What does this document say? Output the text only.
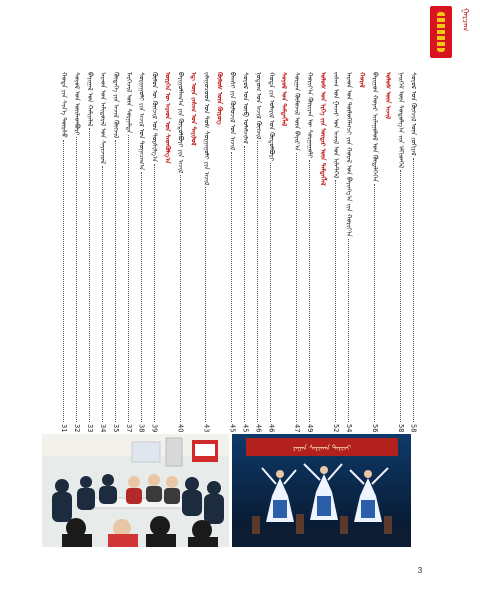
ᠭᠠᠷᠴᠠᠭ
ᠰᠤᠶᠤᠯ ᠤᠨ ᠬᠥᠭᠵᠢᠯ ᠦᠨ ᠵᠣᠬᠢᠶᠠᠯ
58
ᠨᠡᠢᠭᠡᠮ ᠦᠨ ᠰᠤᠳᠤᠯᠭ᠎ᠠ ᠵᠢᠨ ᠡᠮᠬᠢᠳᠬᠡᠯ
58
ᠤᠯᠤᠰ ᠦᠨ ᠠᠵᠢᠯ
ᠪᠠᠷᠢᠭᠤᠨ ᠬᠣᠶᠠᠷ ᠢᠢᠯᠠᠭᠤᠯᠤᠯ ᠤᠨ ᠬᠥᠳᠡᠯᠭᠡᠭᠡᠨ
56
ᠬᠤᠷᠠᠯ
ᠠᠷᠠᠳ ᠤᠨ ᠲᠥᠯᠦᠭᠡᠯᠡᠭᠴᠢ ᠶᠢᠨ ᠬᠤᠷᠠᠯ ᠤᠨ ᠪᠠᠶᠢᠩᠭ᠎ᠠ ᠵᠢᠨ ᠬᠣᠷᠢᠶ᠎ᠠ
54
ᠵᠠᠰᠠᠭ ᠤᠨ ᠭᠠᠵᠠᠷ ᠤᠨ ᠠᠵᠢᠯ ᠤᠨ ᠢᠯᠡᠲᠬᠡᠯ
52
ᠤᠯᠤᠰ ᠤᠨ ᠡᠷᠬᠡ ᠵᠢᠨ ᠦᠳᠡᠷ ᠦᠨ ᠲᠡᠮᠳᠡᠭᠯᠡᠯ
ᠬᠣᠷᠢᠶ᠎ᠠ ᠬᠦᠷᠢᠶᠡᠨ ᠦ ᠰᠤᠷᠭᠠᠭᠤᠯᠢ
49
ᠰᠤᠷᠭᠠᠨ ᠬᠦᠮᠦᠵᠢᠯ ᠦᠨ ᠪᠠᠶᠢᠷ᠎ᠠ
47
ᠰᠤᠶᠤᠯ ᠤᠨ ᠲᠡᠮᠳᠡᠭᠯᠡᠯ
ᠬᠣᠲᠠ ᠶᠢᠨ ᠤᠯᠠᠷᠢᠯ ᠤᠨ ᠬᠥᠲᠦᠯᠪᠦᠷᠢ
46
ᠨᠤᠲᠤᠭ ᠤᠨ ᠠᠵᠢᠯ ᠬᠥᠭᠵᠢᠯ
46
ᠰᠤᠶᠤᠯ ᠤᠨ ᠥᠪ ᠤᠯᠠᠮᠵᠢᠯᠠᠯ
45
ᠪᠠᠭᠰᠢ ᠶᠢᠨ ᠬᠦᠮᠦᠵᠢᠯ ᠤᠨ ᠠᠵᠢᠯ
45
ᠬᠦᠮᠦᠰ ᠦᠨ ᠬᠥᠷᠥᠭ
ᠵᠠᠯᠠᠭᠤᠴᠤᠳ ᠤᠨ ᠳᠤᠰ ᠰᠤᠷᠭᠠᠭᠤᠯᠢ ᠶᠢᠨ ᠠᠵᠢᠯ
43
ᠡᠳ᠋ ᠦᠨ ᠵᠠᠰᠠᠭ ᠤᠨ ᠲᠠᠶᠢᠯᠤᠯ
ᠪᠠᠶᠢᠭᠤᠯᠯᠠᠭ᠎ᠠ ᠶᠢᠨ ᠬᠥᠲᠦᠯᠪᠦᠷᠢ ᠶᠢᠨ ᠠᠵᠢᠯ
40
ᠥᠷᠭᠡᠨ ᠦ ᠠᠷᠠᠳ ᠤᠨ ᠰᠡᠳᠬᠦᠯᠭ᠎ᠠ
ᠬᠦᠮᠦᠨ ᠦ ᠬᠥᠭᠵᠢᠯ ᠤᠨ ᠲᠤᠷᠰᠢᠯᠭ᠎ᠠ
39
ᠰᠤᠷᠭᠠᠭᠤᠯᠢ ᠶᠢᠨ ᠠᠵᠢᠯ ᠤᠨ ᠲᠣᠭᠠᠴᠠᠭ᠎ᠠ
38
ᠮᠡᠷᠭᠡᠵᠢᠯ ᠦᠨ ᠰᠤᠷᠭᠠᠯᠲᠠ
37
ᠬᠥᠳᠡᠭᠡ ᠶᠢᠨ ᠠᠵᠢᠯ ᠬᠥᠭᠵᠢᠯ
35
ᠠᠷᠠᠳ ᠤᠨ ᠠᠮᠢᠳᠤᠷᠠᠯ ᠤᠨ ᠰᠠᠶᠢᠵᠢᠷᠠᠯ
34
ᠪᠠᠶᠢᠭᠠᠯ ᠤᠨ ᠬᠠᠮᠢᠶᠠᠯᠠᠯ
33
ᠰᠤᠶᠤᠯ ᠤᠨ ᠦᠢᠯᠡᠳᠪᠦᠷᠢ
32
ᠬᠣᠲᠠ ᠶᠢᠨ ᠰᠢᠨ᠎ᠡ ᠳᠦᠷᠰᠦ
31
ᠶᠠᠭᠠᠨ ᠰᠠᠶᠢᠬᠠᠨ ᠲᠠᠶᠢᠵᠢ
3
